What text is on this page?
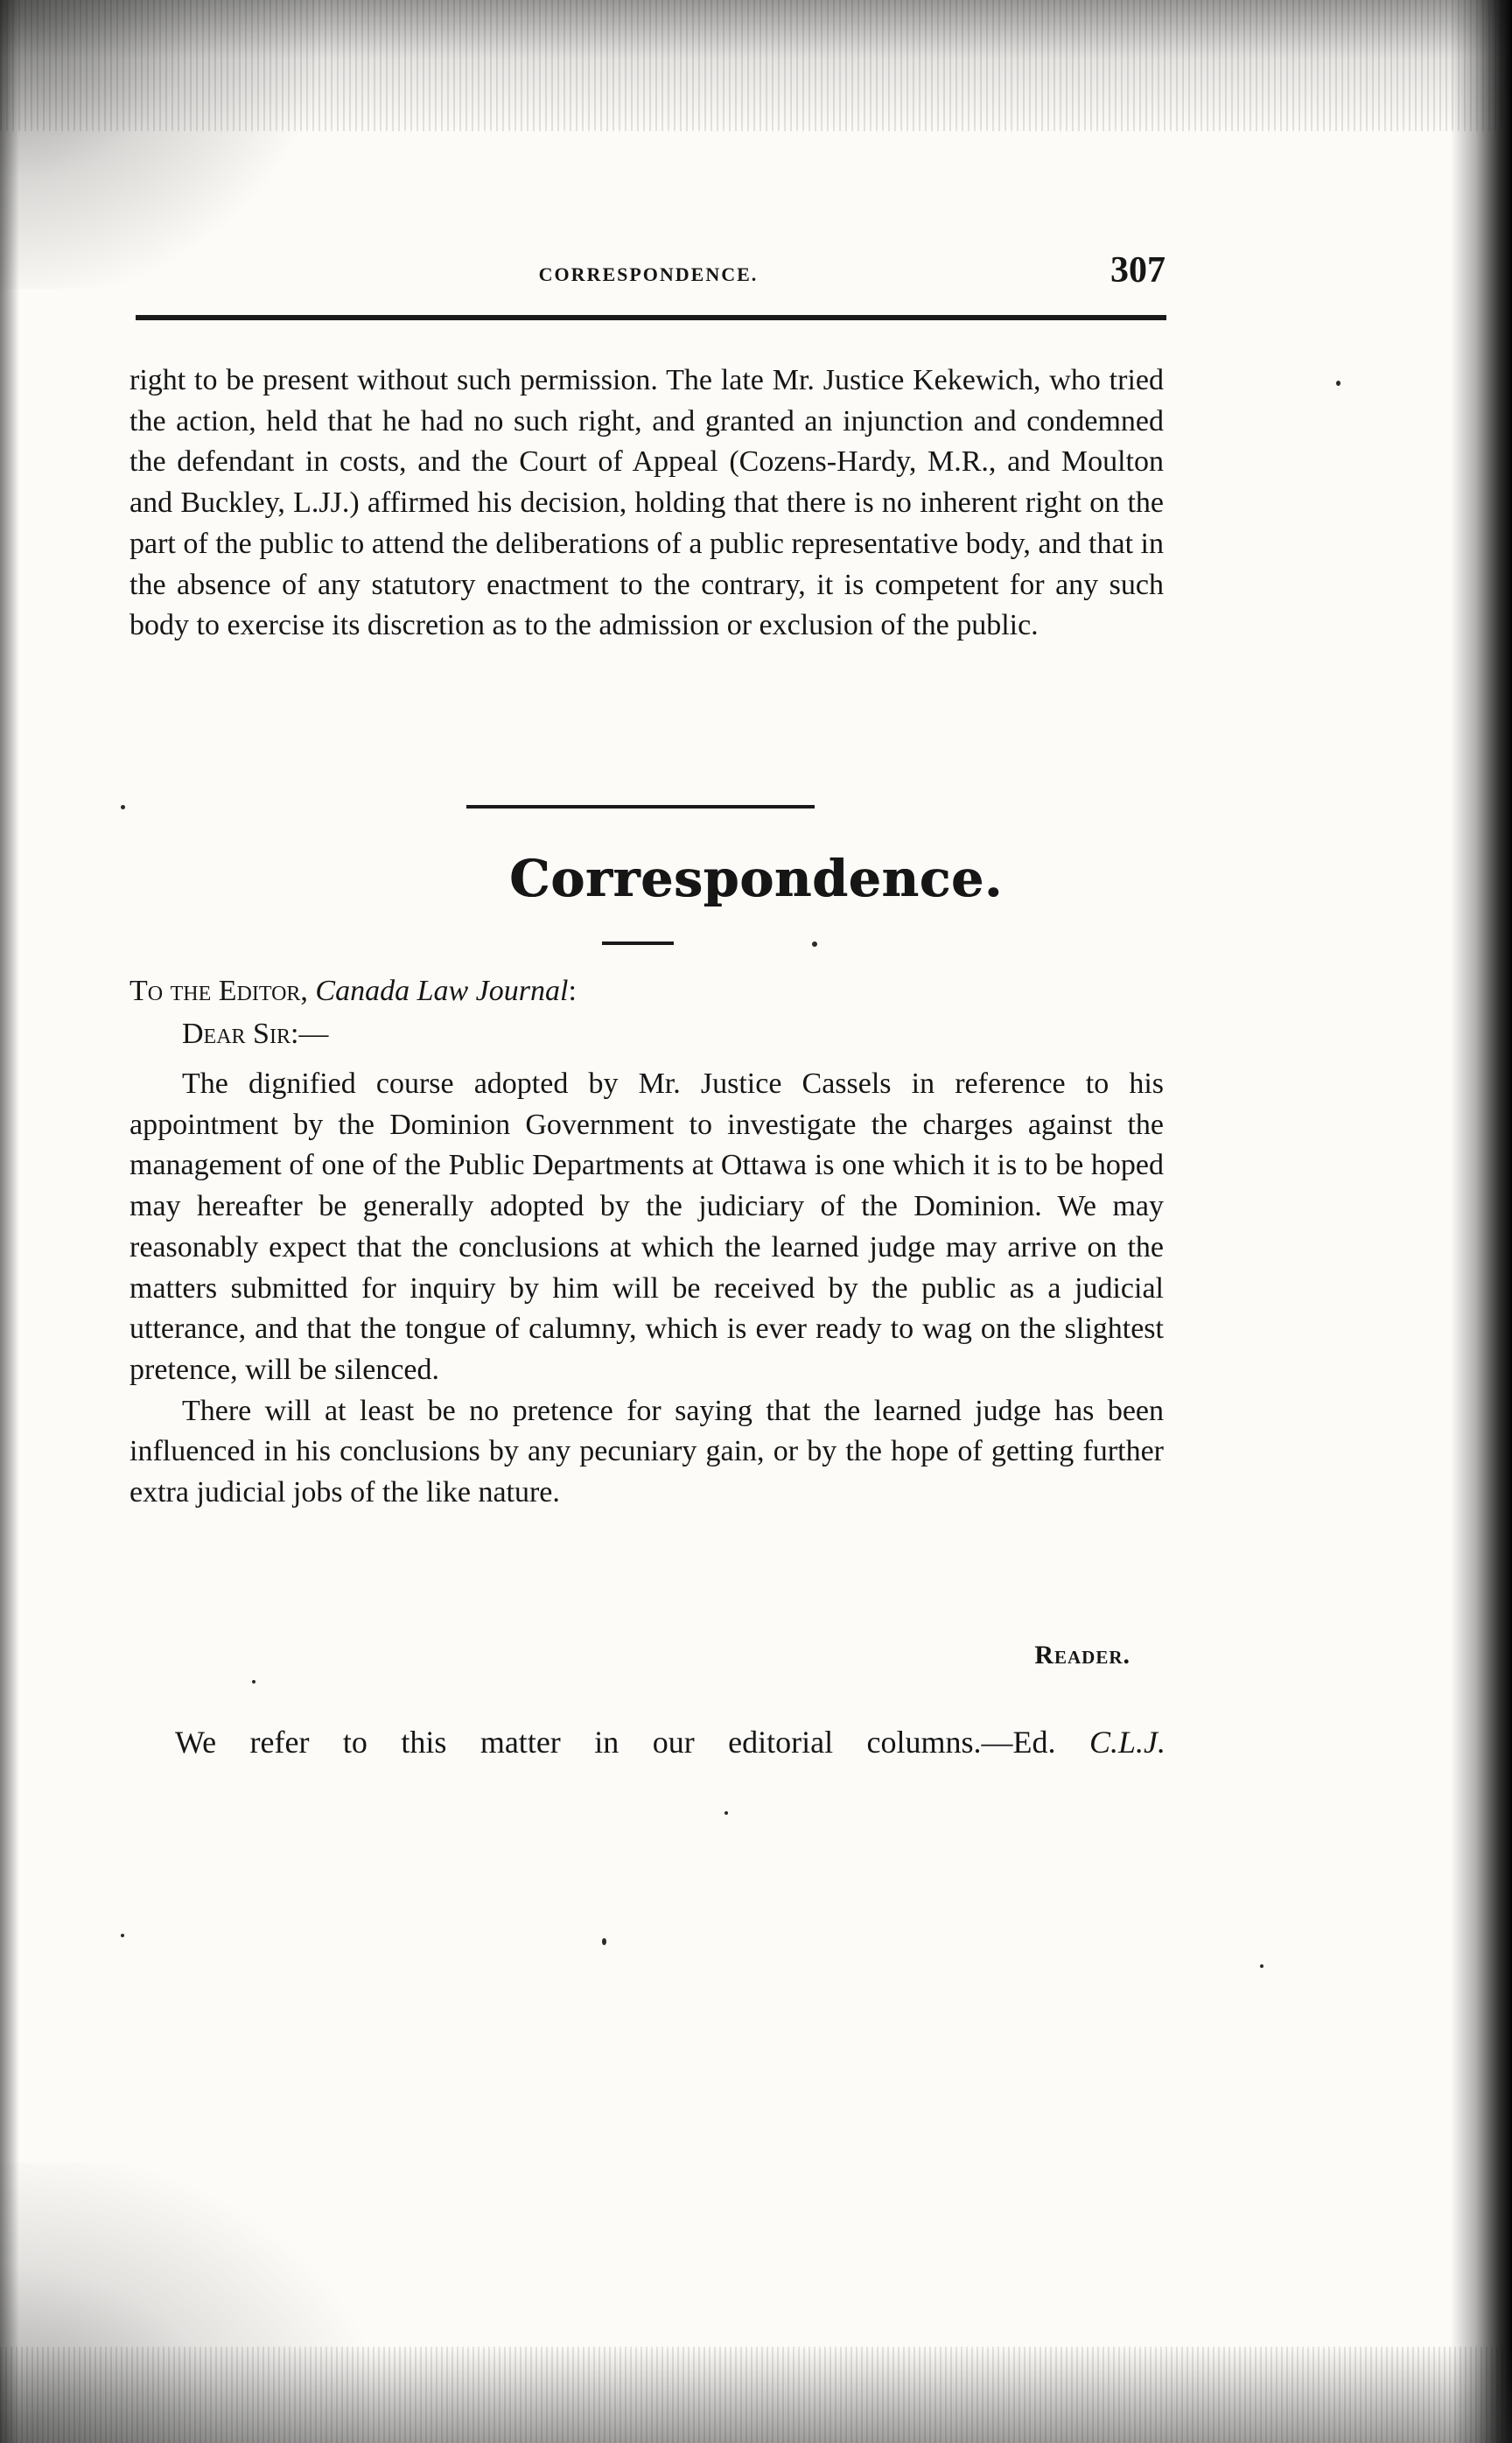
CORRESPONDENCE.	307

right to be present without such permission. The late Mr. Justice Kekewich, who tried the action, held that he had no such right, and granted an injunction and condemned the defendant in costs, and the Court of Appeal (Cozens-Hardy, M.R., and Moulton and Buckley, L.JJ.) affirmed his decision, holding that there is no inherent right on the part of the public to attend the deliberations of a public representative body, and that in the absence of any statutory enactment to the contrary, it is competent for any such body to exercise its discretion as to the admission or exclusion of the public.

Correspondence.
To the Editor, Canada Law Journal:
Dear Sir:—

The dignified course adopted by Mr. Justice Cassels in reference to his appointment by the Dominion Government to investigate the charges against the management of one of the Public Departments at Ottawa is one which it is to be hoped may hereafter be generally adopted by the judiciary of the Dominion. We may reasonably expect that the conclusions at which the learned judge may arrive on the matters submitted for inquiry by him will be received by the public as a judicial utterance, and that the tongue of calumny, which is ever ready to wag on the slightest pretence, will be silenced.

There will at least be no pretence for saying that the learned judge has been influenced in his conclusions by any pecuniary gain, or by the hope of getting further extra judicial jobs of the like nature.

Reader.
We refer to this matter in our editorial columns.—Ed. C.L.J.
